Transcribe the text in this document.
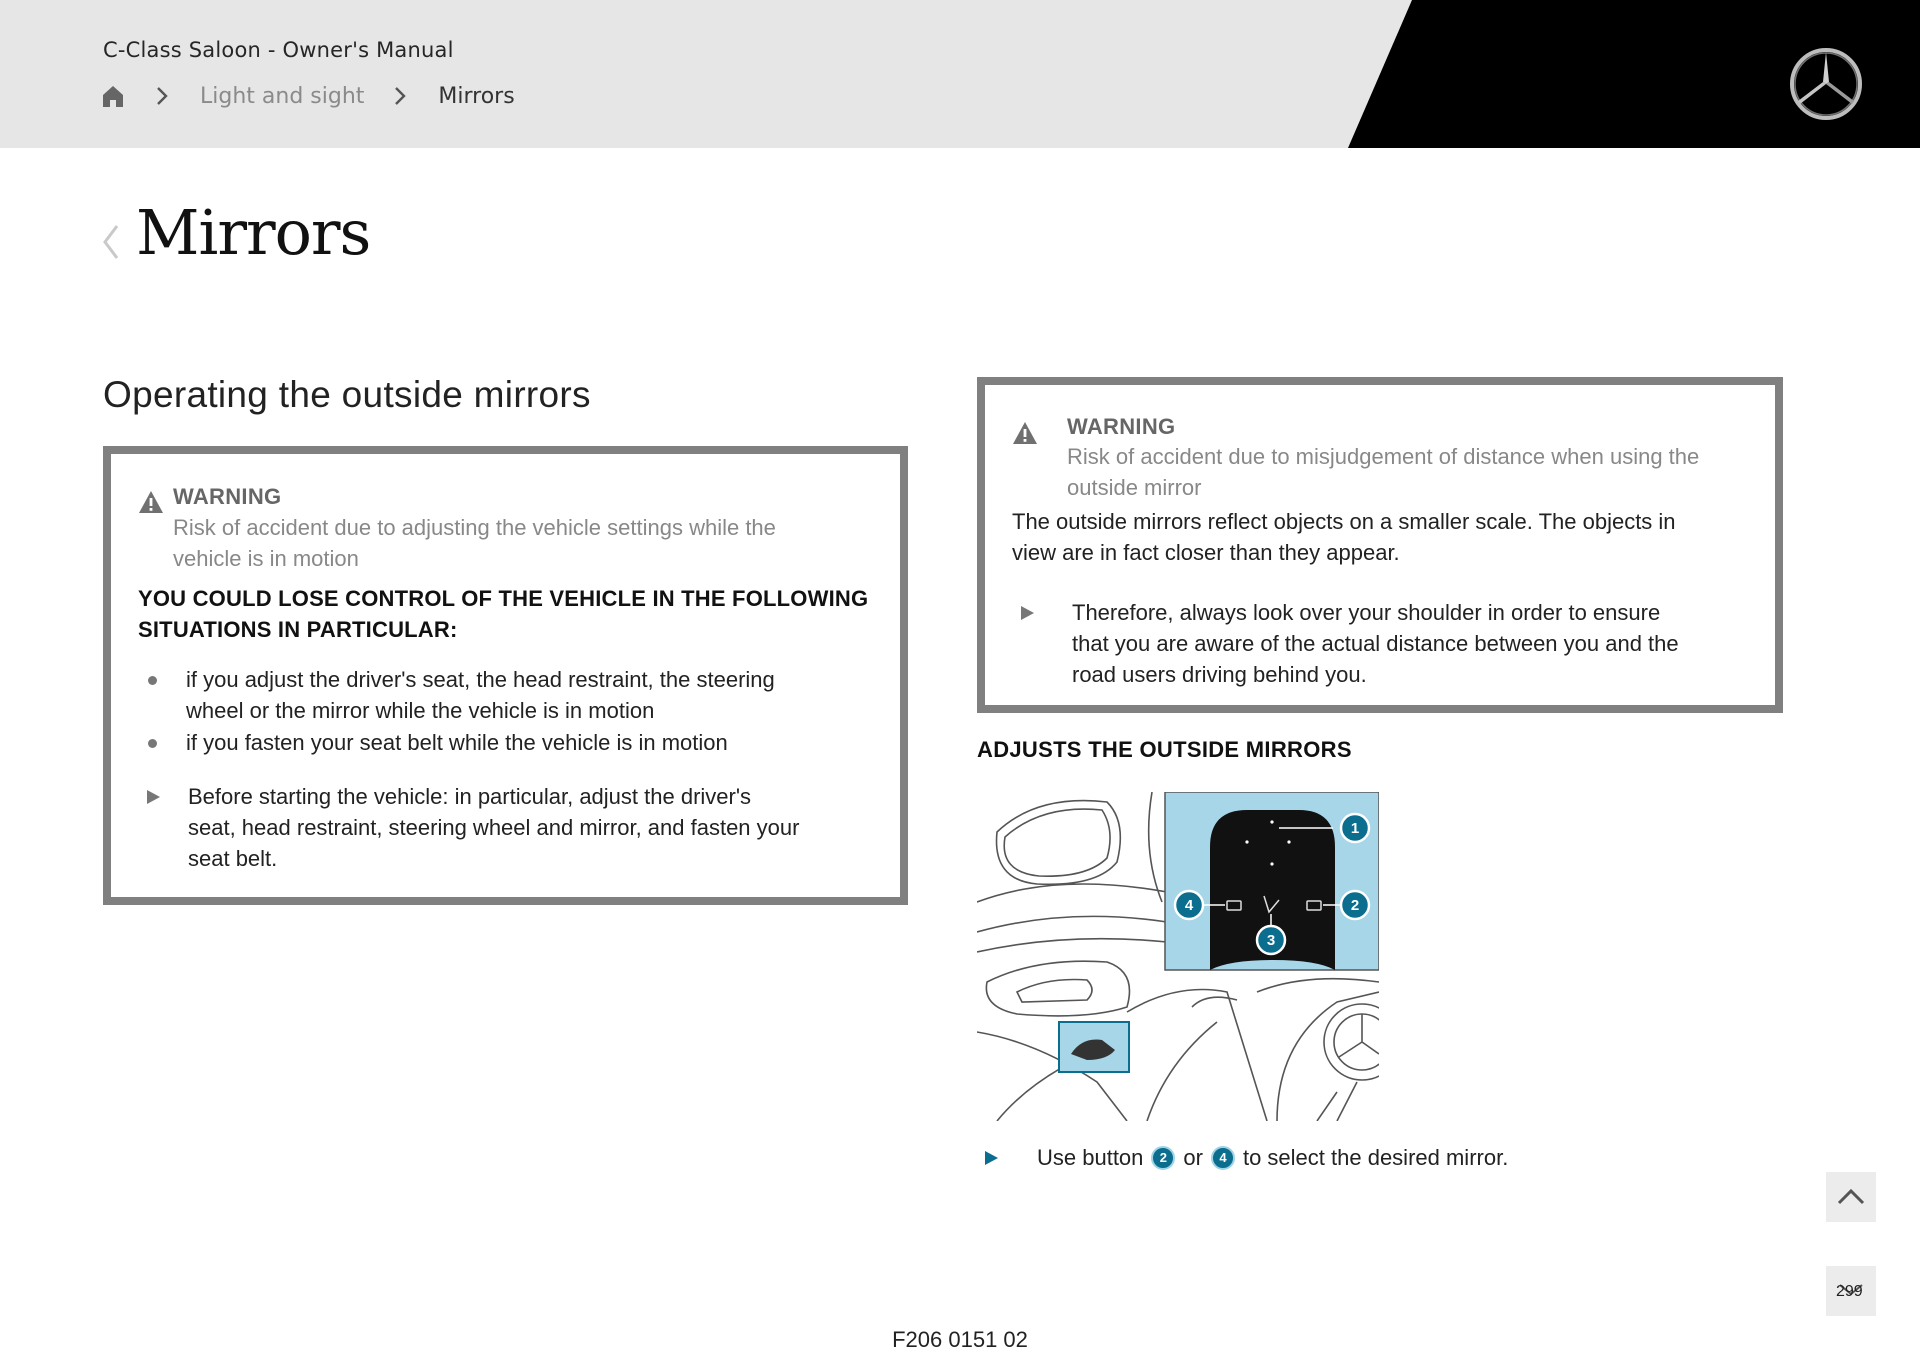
C-Class Saloon - Owner's Manual
Light and sight	Mirrors
Mirrors
Operating the outside mirrors
WARNING
Risk of accident due to adjusting the vehicle settings while the
vehicle is in motion
YOU COULD LOSE CONTROL OF THE VEHICLE IN THE FOLLOWING
SITUATIONS IN PARTICULAR:
if you adjust the driver's seat, the head restraint, the steering
wheel or the mirror while the vehicle is in motion
if you fasten your seat belt while the vehicle is in motion
Before starting the vehicle: in particular, adjust the driver's
seat, head restraint, steering wheel and mirror, and fasten your
seat belt.
WARNING
Risk of accident due to misjudgement of distance when using the
outside mirror
The outside mirrors reflect objects on a smaller scale. The objects in
view are in fact closer than they appear.
Therefore, always look over your shoulder in order to ensure
that you are aware of the actual distance between you and the
road users driving behind you.
ADJUSTS THE OUTSIDE MIRRORS
1
2
3
4
Use button	2 or	4 to select the desired mirror.
299
F206 0151 02
